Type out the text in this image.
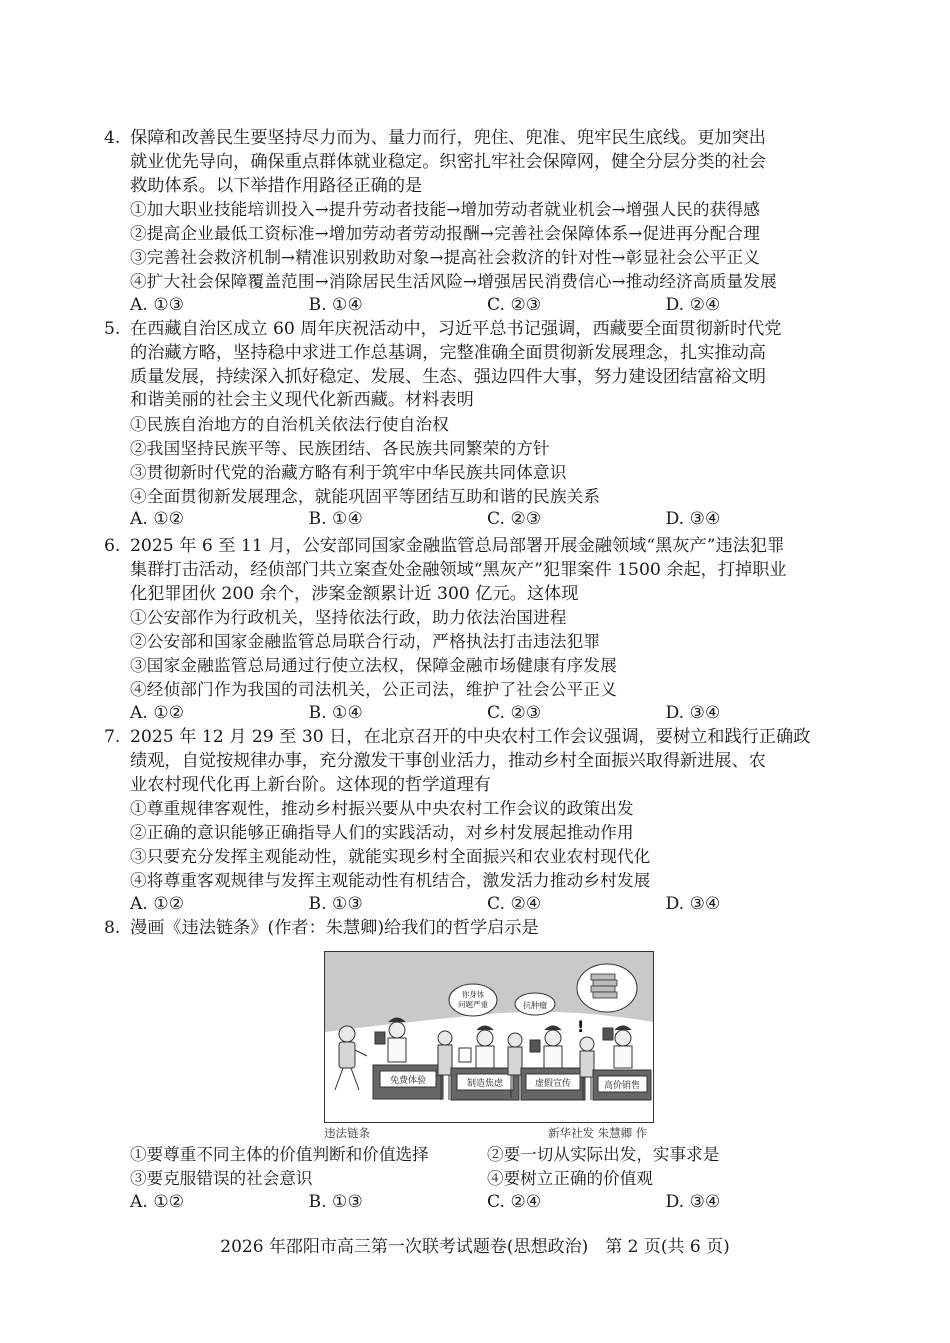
4. 保障和改善民生要坚持尽力而为、量力而行，兜住、兜准、兜牢民生底线。更加突出
就业优先导向，确保重点群体就业稳定。织密扎牢社会保障网，健全分层分类的社会
救助体系。以下举措作用路径正确的是
①加大职业技能培训投入→提升劳动者技能→增加劳动者就业机会→增强人民的获得感
②提高企业最低工资标准→增加劳动者劳动报酬→完善社会保障体系→促进再分配合理
③完善社会救济机制→精准识别救助对象→提高社会救济的针对性→彰显社会公平正义
④扩大社会保障覆盖范围→消除居民生活风险→增强居民消费信心→推动经济高质量发展
A. ①③	B. ①④	C. ②③	D. ②④
5. 在西藏自治区成立 60 周年庆祝活动中，习近平总书记强调，西藏要全面贯彻新时代党
的治藏方略，坚持稳中求进工作总基调，完整准确全面贯彻新发展理念，扎实推动高
质量发展，持续深入抓好稳定、发展、生态、强边四件大事，努力建设团结富裕文明
和谐美丽的社会主义现代化新西藏。材料表明
①民族自治地方的自治机关依法行使自治权
②我国坚持民族平等、民族团结、各民族共同繁荣的方针
③贯彻新时代党的治藏方略有利于筑牢中华民族共同体意识
④全面贯彻新发展理念，就能巩固平等团结互助和谐的民族关系
A. ①②	B. ①④	C. ②③	D. ③④
6. 2025 年 6 至 11 月，公安部同国家金融监管总局部署开展金融领域“黑灰产”违法犯罪
集群打击活动，经侦部门共立案查处金融领域“黑灰产”犯罪案件 1500 余起，打掉职业
化犯罪团伙 200 余个，涉案金额累计近 300 亿元。这体现
①公安部作为行政机关，坚持依法行政，助力依法治国进程
②公安部和国家金融监管总局联合行动，严格执法打击违法犯罪
③国家金融监管总局通过行使立法权，保障金融市场健康有序发展
④经侦部门作为我国的司法机关，公正司法，维护了社会公平正义
A. ①②	B. ①④	C. ②③	D. ③④
7. 2025 年 12 月 29 至 30 日，在北京召开的中央农村工作会议强调，要树立和践行正确政
绩观，自觉按规律办事，充分激发干事创业活力，推动乡村全面振兴取得新进展、农
业农村现代化再上新台阶。这体现的哲学道理有
①尊重规律客观性，推动乡村振兴要从中央农村工作会议的政策出发
②正确的意识能够正确指导人们的实践活动，对乡村发展起推动作用
③只要充分发挥主观能动性，就能实现乡村全面振兴和农业农村现代化
④将尊重客观规律与发挥主观能动性有机结合，激发活力推动乡村发展
A. ①②	B. ①③	C. ②④	D. ③④
8. 漫画《违法链条》(作者：朱慧卿)给我们的哲学启示是
免费体验
你身体
问题严重
制造焦虑
抗肿瘤
虚假宣传
!
高价销售
违法链条	新华社发 朱慧卿 作
①要尊重不同主体的价值判断和价值选择	②要一切从实际出发，实事求是
③要克服错误的社会意识	④要树立正确的价值观
A. ①②	B. ①③	C. ②④	D. ③④
2026 年邵阳市高三第一次联考试题卷(思想政治)　第 2 页(共 6 页)
